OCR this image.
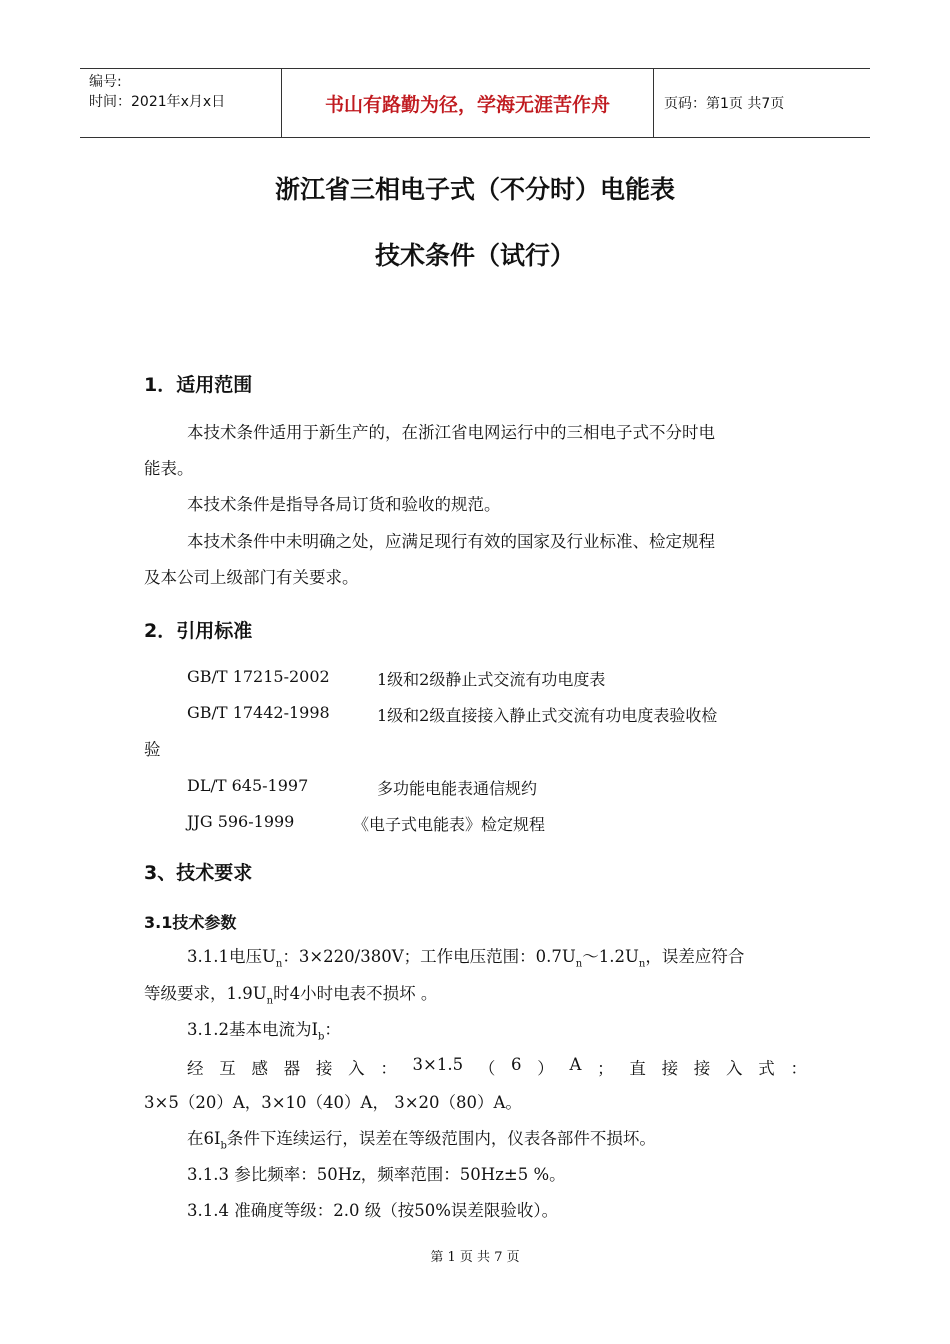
编号:
时间：2021年x月x日	书山有路勤为径，学海无涯苦作舟	页码：第1页 共7页
浙江省三相电子式（不分时）电能表
技术条件（试行）
1．适用范围
本技术条件适用于新生产的，在浙江省电网运行中的三相电子式不分时电
能表。
本技术条件是指导各局订货和验收的规范。
本技术条件中未明确之处，应满足现行有效的国家及行业标准、检定规程
及本公司上级部门有关要求。
2．引用标准
GB/T 17215-2002	1级和2级静止式交流有功电度表
GB/T 17442-1998	1级和2级直接接入静止式交流有功电度表验收检
验
DL/T 645-1997	多功能电能表通信规约
JJG 596-1999	《电子式电能表》检定规程
3、技术要求
3.1技术参数
3.1.1电压$U_n$：3×220/380V；工作电压范围：$0.7U_n\sim 1.2U_n$，误差应符合
等级要求，$1.9U_n$时4小时电表不损坏 。
3.1.2基本电流为$I_b$：
经 互 感 器 接 入 ： 3×1.5 （ 6 ） A ； 直 接 接 入 式 ：
3×5（20）A，3×10（40）A， 3×20（80）A。
在$6I_b$条件下连续运行，误差在等级范围内，仪表各部件不损坏。
3.1.3 参比频率：50Hz，频率范围：50Hz±5 %。
3.1.4 准确度等级：2.0 级（按50%误差限验收）。
第 1 页 共 7 页
